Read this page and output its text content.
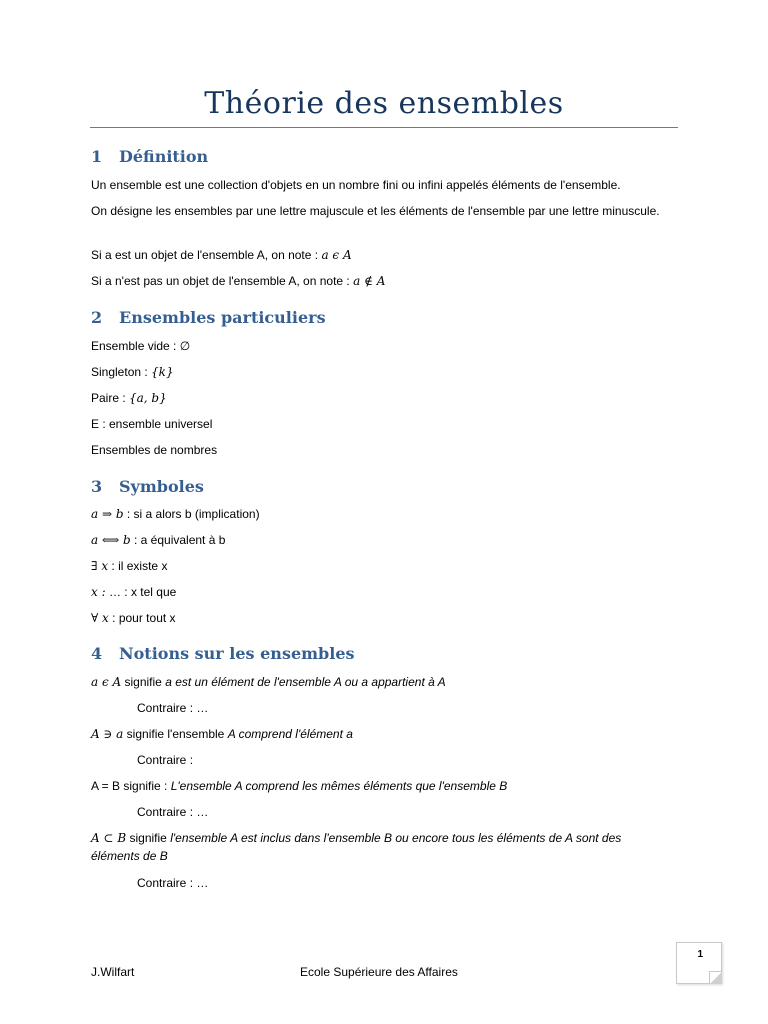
Théorie des ensembles
1 Définition
Un ensemble est une collection d'objets en un nombre fini ou infini appelés éléments de l'ensemble.
On désigne les ensembles par une lettre majuscule et les éléments de l'ensemble par une lettre minuscule.
Si a est un objet de l'ensemble A, on note : a ϵ A
Si a n'est pas un objet de l'ensemble A, on note : a ∉ A
2 Ensembles particuliers
Ensemble vide : ∅
Singleton : {k}
Paire : {a, b}
E : ensemble universel
Ensembles de nombres
3 Symboles
a ⇒ b : si a alors b (implication)
a ⟺ b : a équivalent à b
∃ x : il existe x
x : … : x tel que
∀ x : pour tout x
4 Notions sur les ensembles
a ϵ A signifie a est un élément de l'ensemble A ou a appartient à A
Contraire : …
A ∋ a signifie l'ensemble A comprend l'élément a
Contraire :
A = B signifie : L'ensemble A comprend les mêmes éléments que l'ensemble B
Contraire : …
A ⊂ B signifie l'ensemble A est inclus dans l'ensemble B ou encore tous les éléments de A sont des éléments de B
Contraire : …
1
J.Wilfart	Ecole Supérieure des Affaires
